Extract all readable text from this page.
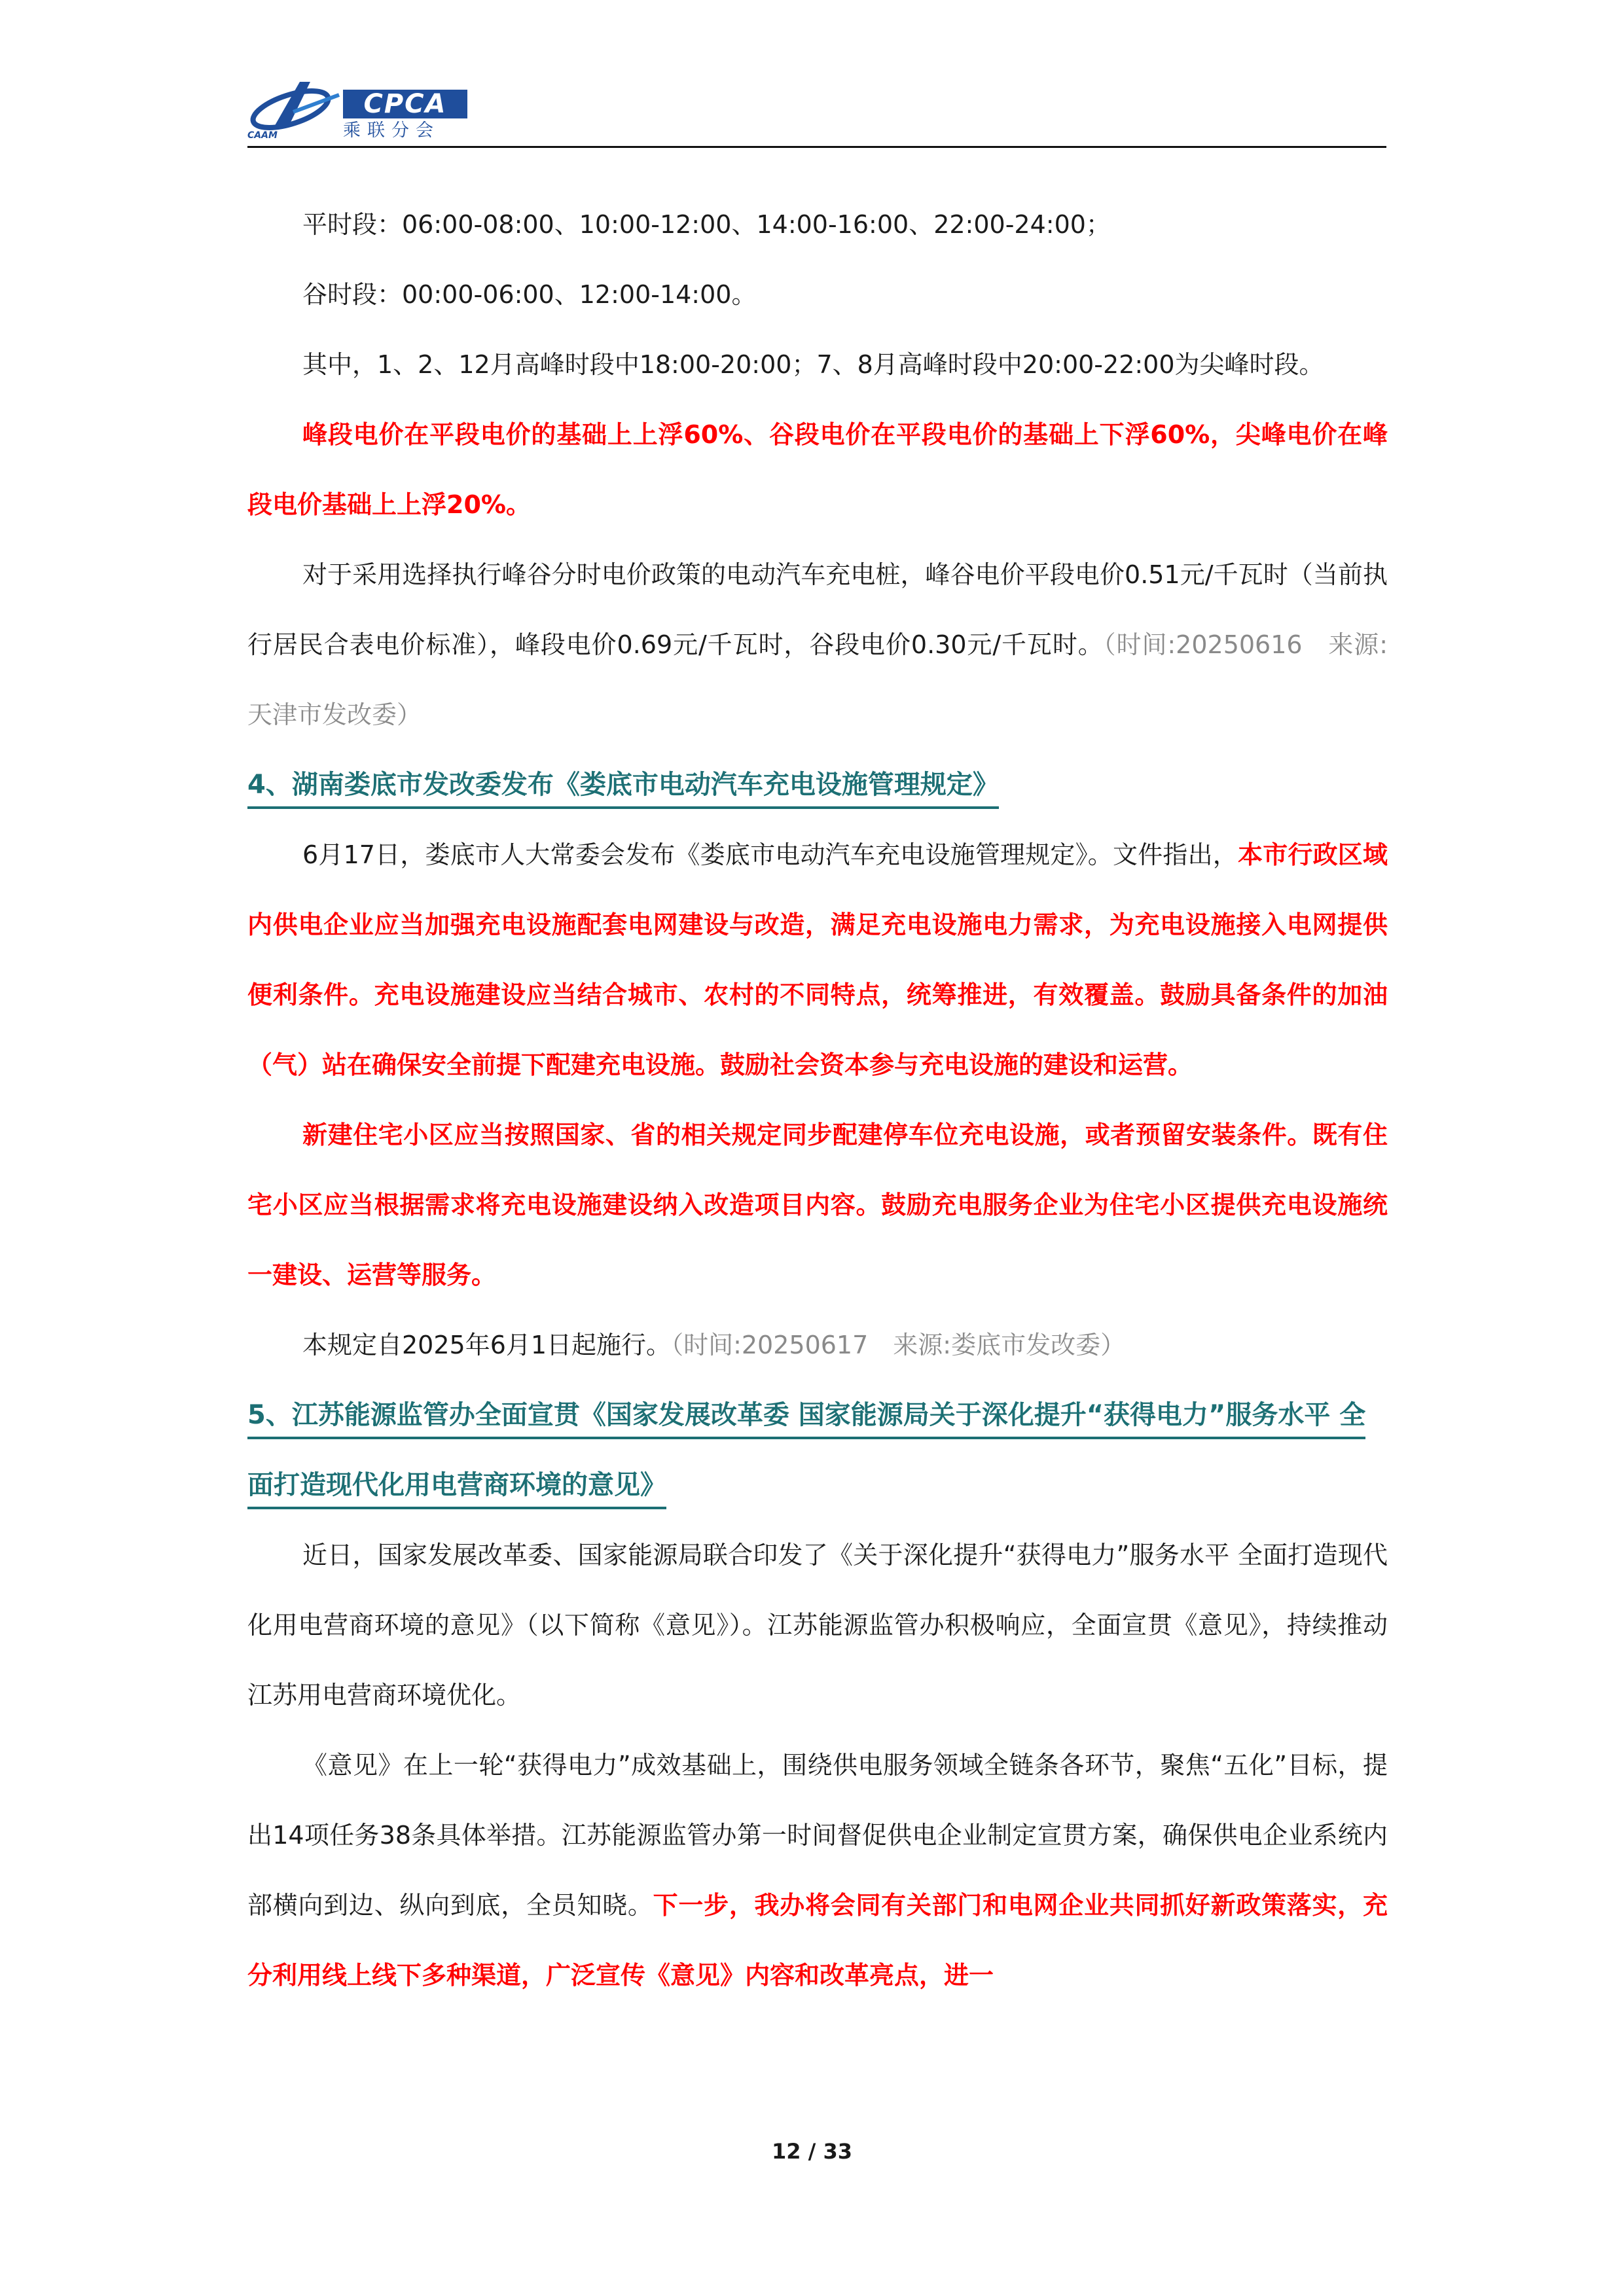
CAAM
CPCA
乘联分会

平时段：06:00-08:00、10:00-12:00、14:00-16:00、22:00-24:00；

谷时段：00:00-06:00、12:00-14:00。

其中，1、2、12月高峰时段中18:00-20:00；7、8月高峰时段中20:00-22:00为尖峰时段。

峰段电价在平段电价的基础上上浮60%、谷段电价在平段电价的基础上下浮60%，尖峰电价在峰段电价基础上上浮20%。

对于采用选择执行峰谷分时电价政策的电动汽车充电桩，峰谷电价平段电价0.51元/千瓦时（当前执行居民合表电价标准），峰段电价0.69元/千瓦时，谷段电价0.30元/千瓦时。（时间:20250616　来源:天津市发改委）

4、湖南娄底市发改委发布《娄底市电动汽车充电设施管理规定》

6月17日，娄底市人大常委会发布《娄底市电动汽车充电设施管理规定》。文件指出，本市行政区域内供电企业应当加强充电设施配套电网建设与改造，满足充电设施电力需求，为充电设施接入电网提供便利条件。充电设施建设应当结合城市、农村的不同特点，统筹推进，有效覆盖。鼓励具备条件的加油（气）站在确保安全前提下配建充电设施。鼓励社会资本参与充电设施的建设和运营。

新建住宅小区应当按照国家、省的相关规定同步配建停车位充电设施，或者预留安装条件。既有住宅小区应当根据需求将充电设施建设纳入改造项目内容。鼓励充电服务企业为住宅小区提供充电设施统一建设、运营等服务。

本规定自2025年6月1日起施行。（时间:20250617　来源:娄底市发改委）

5、江苏能源监管办全面宣贯《国家发展改革委 国家能源局关于深化提升“获得电力”服务水平 全面打造现代化用电营商环境的意见》

近日，国家发展改革委、国家能源局联合印发了《关于深化提升“获得电力”服务水平 全面打造现代化用电营商环境的意见》（以下简称《意见》）。江苏能源监管办积极响应，全面宣贯《意见》，持续推动江苏用电营商环境优化。

《意见》在上一轮“获得电力”成效基础上，围绕供电服务领域全链条各环节，聚焦“五化”目标，提出14项任务38条具体举措。江苏能源监管办第一时间督促供电企业制定宣贯方案，确保供电企业系统内部横向到边、纵向到底，全员知晓。下一步，我办将会同有关部门和电网企业共同抓好新政策落实，充分利用线上线下多种渠道，广泛宣传《意见》内容和改革亮点，进一

12 / 33
